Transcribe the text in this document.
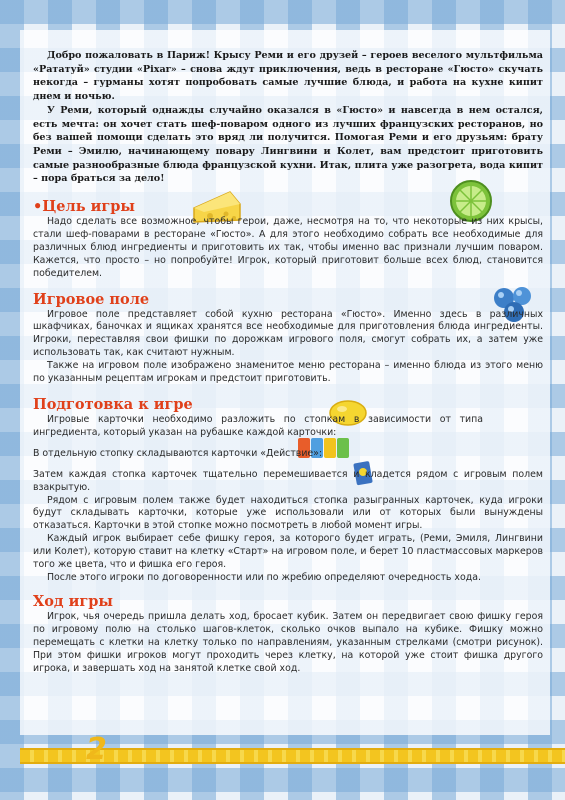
Добро пожаловать в Париж! Крысу Реми и его друзей – героев веселого мультфильма «Рататуй» студии «Pixar» – снова ждут приключения, ведь в ресторане «Гюсто» скучать некогда – гурманы хотят попробовать самые лучшие блюда, и работа на кухне кипит днем и ночью.

У Реми, который однажды случайно оказался в «Гюсто» и навсегда в нем остался, есть мечта: он хочет стать шеф-поваром одного из лучших французских ресторанов, но без вашей помощи сделать это вряд ли получится. Помогая Реми и его друзьям: брату Реми – Эмилю, начинающему повару Лингвини и Колет, вам предстоит приготовить самые разнообразные блюда французской кухни. Итак, плита уже разогрета, вода кипит – пора браться за дело!

•Цель игры

Надо сделать все возможное, чтобы герои, даже, несмотря на то, что некоторые из них крысы, стали шеф-поварами в ресторане «Гюсто». А для этого необходимо собрать все необходимые для различных блюд ингредиенты и приготовить их так, чтобы именно вас признали лучшим поваром. Кажется, что просто – но попробуйте! Игрок, который приготовит больше всех блюд, становится победителем.

Игровое поле

Игровое поле представляет собой кухню ресторана «Гюсто». Именно здесь в различных шкафчиках, баночках и ящиках хранятся все необходимые для приготовления блюда ингредиенты. Игроки, переставляя свои фишки по дорожкам игрового поля, смогут собрать их, а затем уже использовать так, как считают нужным.

Также на игровом поле изображено знаменитое меню ресторана – именно блюда из этого меню по указанным рецептам игрокам и предстоит приготовить.

Подготовка к игре

Игровые карточки необходимо разложить по стопкам в зависимости от типа ингредиента, который указан на рубашке каждой карточки:

В отдельную стопку складываются карточки «Действие»:

Затем каждая стопка карточек тщательно перемешивается и кладется рядом с игровым полем взакрытую.

Рядом с игровым полем также будет находиться стопка разыгранных карточек, куда игроки будут складывать карточки, которые уже использовали или от которых были вынуждены отказаться. Карточки в этой стопке можно посмотреть в любой момент игры.

Каждый игрок выбирает себе фишку героя, за которого будет играть, (Реми, Эмиля, Лингвини или Колет), которую ставит на клетку «Старт» на игровом поле, и берет 10 пластмассовых маркеров того же цвета, что и фишка его героя.

После этого игроки по договоренности или по жребию определяют очередность хода.

Ход игры

Игрок, чья очередь пришла делать ход, бросает кубик. Затем он передвигает свою фишку героя по игровому полю на столько шагов-клеток, сколько очков выпало на кубике. Фишку можно перемещать с клетки на клетку только по направлениям, указанным стрелками (смотри рисунок). При этом фишки игроков могут проходить через клетку, на которой уже стоит фишка другого игрока, и завершать ход на занятой клетке свой ход.

2
